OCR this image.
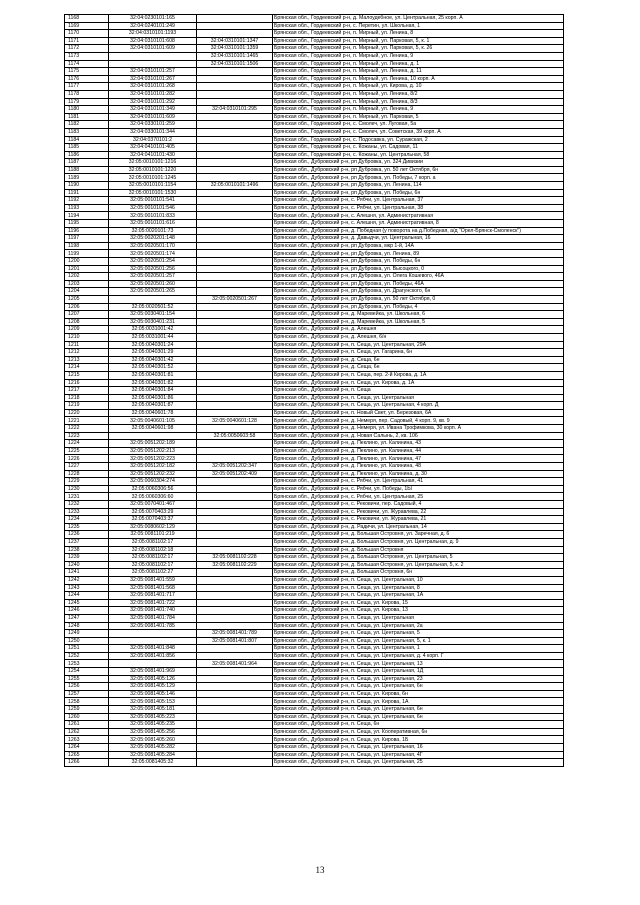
1168	32:04:0230101:165		Брянская обл., Гордеевский р-н, д. Малоудебное, ул. Центральная, 25 корп. А
1169	32:04:0240101:249		Брянская обл., Гордеевский р-н, с. Перетин, ул. Школьная, 1
1170	32:04:0310101:1193		Брянская обл., Гордеевский р-н, п. Мирный, ул. Ленина, 8
1171	32:04:0310101:608	32:04:0310101:1347	Брянская обл., Гордеевский р-н, п. Мирный, ул. Парковая, 5, к. 1
1172	32:04:0310101:609	32:04:0310101:1359	Брянская обл., Гордеевский р-н, п. Мирный, ул. Парковая, 5, к. 26
1173		32:04:0310101:1465	Брянская обл., Гордеевский р-н, п. Мирный, ул. Ленина, 9
1174		32:04:0310101:1506	Брянская обл., Гордеевский р-н, п. Мирный, ул. Ленина, д. 1
1175	32:04:0310101:257		Брянская обл., Гордеевский р-н, п. Мирный, ул. Ленина, д. 11
1176	32:04:0310101:267		Брянская обл., Гордеевский р-н, п. Мирный, ул. Ленина, 10 корп. А
1177	32:04:0310101:268		Брянская обл., Гордеевский р-н, п. Мирный, ул. Кирова, д. 10
1178	32:04:0310101:282		Брянская обл., Гордеевский р-н, п. Мирный, ул. Ленина, 8/2
1179	32:04:0310101:292		Брянская обл., Гордеевский р-н, п. Мирный, ул. Ленина, 8/3
1180	32:04:0310101:349	32:04:0310101:295	Брянская обл., Гордеевский р-н, п. Мирный, ул. Ленина, 9
1181	32:04:0310101:609		Брянская обл., Гордеевский р-н, п. Мирный, ул. Парковая, 5
1182	32:04:0330101:259		Брянская обл., Гордеевский р-н, с. Смолеч, ул. Луговая, 5а
1183	32:04:0330101:344		Брянская обл., Гордеевский р-н, с. Смолеч, ул. Советская, 39 корп. А
1184	32:04:0370101:2		Брянская обл., Гордеевский р-н, с. Подосавка, ул. Суражская, 2
1185	32:04:0410101:405		Брянская обл., Гордеевский р-н, с. Кожаны, ул. Садовая, 11
1186	32:04:0410101:430		Брянская обл., Гордеевский р-н, с. Кожаны, ул. Центральная, 58
1187	32:05:0010101:1216		Брянская обл., Дубровский р-н, рп Дубровка, ул. 324 Дивизии
1188	32:05:0010101:1220		Брянская обл., Дубровский р-н, рп Дубровка, ул. 50 лет Октября, 6н
1189	32:05:0010101:1245		Брянская обл., Дубровский р-н, рп Дубровка, ул. Победы, 7 корп. а
1190	32:05:0010101:1154	32:05:0010101:1496	Брянская обл., Дубровский р-н, рп Дубровка, ул. Ленина, 114
1191	32:05:0010101:1530		Брянская обл., Дубровский р-н, рп Дубровка, ул. Победы, 6н
1192	32:05:0010101:541		Брянская обл., Дубровский р-н, с. Рябчи, ул. Центральная, 37
1193	32:05:0010101:546		Брянская обл., Дубровский р-н, с. Рябчи, ул. Центральная, 38
1194	32:05:0010101:833		Брянская обл., Дубровский р-н, с. Алешня, ул. Административная
1195	32:05:0010101:616		Брянская обл., Дубровский р-н, с. Алешня, ул. Административная, 8
1196	32:05:0020101:73		Брянская обл., Дубровский р-н, д. Победная (у поворота на д.Победная, а/д "Орел-Брянск-Смоленск")
1197	32:05:0020201:148		Брянская обл., Дубровский р-н, д. Давыдчи, ул. Центральная, 16
1198	32:05:0020501:170		Брянская обл., Дубровский р-н, рп Дубровка, мкр 1-й, 14А
1199	32:05:0020501:174		Брянская обл., Дубровский р-н, рп Дубровка, ул. Ленина, 89
1200	32:05:0020501:254		Брянская обл., Дубровский р-н, рп Дубровка, ул. Победы, 6н
1201	32:05:0020501:256		Брянская обл., Дубровский р-н, рп Дубровка, ул. Высоцкого, 0
1202	32:05:0020501:257		Брянская обл., Дубровский р-н, рп Дубровка, ул. Олега Кошевого, 46А
1203	32:05:0020501:260		Брянская обл., Дубровский р-н, рп Дубровка, ул. Победы, 46А
1204	32:05:0020501:265		Брянская обл., Дубровский р-н, рп Дубровка, ул. Драгунского, 6н
1205		32:05:0020501:267	Брянская обл., Дубровский р-н, рп Дубровка, ул. 50 лет Октября, 0
1206	32:05:0020501:52		Брянская обл., Дубровский р-н, рп Дубровка, ул. Победы, 4
1207	32:05:0030401:154		Брянская обл., Дубровский р-н, д. Маревейка, ул. Школьная, 6
1208	32:05:0030401:231		Брянская обл., Дубровский р-н, д. Маревейка, ул. Школьная, 5
1209	32:05:0031001:42		Брянская обл., Дубровский р-н, д. Алешня
1210	32:05:0031001:44		Брянская обл., Дубровский р-н, д. Алешня, 6/н
1211	32:05:0040301:24		Брянская обл., Дубровский р-н, п. Сеща, ул. Центральная, 29А
1212	32:05:0040301:29		Брянская обл., Дубровский р-н, п. Сеща, ул. Гагарина, 6н
1213	32:05:0040301:42		Брянская обл., Дубровский р-н, д. Сеща, 6н
1214	32:05:0040301:52		Брянская обл., Дубровский р-н, д. Сеща, 6н
1215	32:05:0040301:81		Брянская обл., Дубровский р-н, п. Сеща, пер. 2-й Кирова, д. 1А
1216	32:05:0040301:82		Брянская обл., Дубровский р-н, п. Сеща, ул. Кирова, д. 1А
1217	32:05:0040301:84		Брянская обл., Дубровский р-н, п. Сеща
1218	32:05:0040301:86		Брянская обл., Дубровский р-н, п. Сеща, ул. Центральная
1219	32:05:0040301:87		Брянская обл., Дубровский р-н, п. Сеща, ул. Центральная, 4 корп. Д
1220	32:05:0040601:78		Брянская обл., Дубровский р-н, п. Новый Свет, ул. Березовая, 6А
1221	32:05:0040601:105	32:05:0040601:128	Брянская обл., Дубровский р-н, д. Немеря, пер. Садовый, 4 корп. 9, кв. 9
1222	32:05:0040601:98		Брянская обл., Дубровский р-н, д. Немеря, ул. Ивана Трофимкова, 30 корп. А
1223		32:05:0050603:58	Брянская обл., Дубровский р-н, д. Новая Салынь, 2, кв. 106
1224	32:05:0051202:189		Брянская обл., Дубровский р-н, д. Пеклино, ул. Калинина, 43
1225	32:05:0051202:213		Брянская обл., Дубровский р-н, д. Пеклино, ул. Калинина, 44
1226	32:05:0051202:223		Брянская обл., Дубровский р-н, д. Пеклино, ул. Калинина, 47
1227	32:05:0051202:182	32:05:0051202:347	Брянская обл., Дубровский р-н, д. Пеклино, ул. Калинина, 48
1228	32:05:0051202:232	32:05:0051202:409	Брянская обл., Дубровский р-н, д. Пеклино, ул. Калинина, д. 30
1229	32:05:0060304:274		Брянская обл., Дубровский р-н, с. Рябчи, ул. Центральная, 41
1230	32:05:0060306:56		Брянская обл., Дубровский р-н, с. Рябчи, ул. Победы, 1Ы
1231	32:05:0060306:60		Брянская обл., Дубровский р-н, с. Рябчи, ул. Центральная, 25
1232	32:05:0070401:467		Брянская обл., Дубровский р-н, с. Рековичи, пер. Садовый, 4
1233	32:05:0070403:29		Брянская обл., Дубровский р-н, с. Рековичи, ул. Журавлева, 22
1234	32:05:0070403:37		Брянская обл., Дубровский р-н, с. Рековичи, ул. Журавлева, 21
1235	32:05:0080602:129		Брянская обл., Дубровский р-н, д. Радичи, ул. Центральная, 14
1236	32:05:0081101:219		Брянская обл., Дубровский р-н, д. Большая Островня, ул. Заречная, д. 6
1237	32:05:0081102:17		Брянская обл., Дубровский р-н, д. Большая Островня, ул. Центральная, д. 9
1238	32:05:0081102:18		Брянская обл., Дубровский р-н, д. Большая Островня
1239	32:05:0081102:17	32:05:0081102:228	Брянская обл., Дубровский р-н, д. Большая Островня, ул. Центральная, 5
1240	32:05:0081102:17	32:05:0081102:229	Брянская обл., Дубровский р-н, д. Большая Островня, ул. Центральная, 5, к. 2
1241	32:05:0081102:27		Брянская обл., Дубровский р-н, д. Большая Островня, 6н
1242	32:05:0081401:559		Брянская обл., Дубровский р-н, п. Сеща, ул. Центральная, 10
1243	32:05:0081401:568		Брянская обл., Дубровский р-н, п. Сеща, ул. Центральная, 8
1244	32:05:0081401:717		Брянская обл., Дубровский р-н, п. Сеща, ул. Центральная, 1А
1245	32:05:0081401:722		Брянская обл., Дубровский р-н, п. Сеща, ул. Кирова, 15
1246	32:05:0081401:740		Брянская обл., Дубровский р-н, п. Сеща, ул. Кирова, 13
1247	32:05:0081401:784		Брянская обл., Дубровский р-н, п. Сеща, ул. Центральная
1248	32:05:0081401:785		Брянская обл., Дубровский р-н, п. Сеща, ул. Центральная, 2а
1249		32:05:0081401:789	Брянская обл., Дубровский р-н, п. Сеща, ул. Центральная, 5
1250		32:05:0081401:807	Брянская обл., Дубровский р-н, п. Сеща, ул. Центральная, 5, к. 1
1251	32:05:0081401:848		Брянская обл., Дубровский р-н, п. Сеща, ул. Центральная, 1
1252	32:05:0081401:856		Брянская обл., Дубровский р-н, п. Сеща, ул. Центральная, д. 4 корп. Г
1253		32:05:0081401:964	Брянская обл., Дубровский р-н, п. Сеща, ул. Центральная, 13
1254	32:05:0081401:969		Брянская обл., Дубровский р-н, п. Сеща, ул. Центральная, 1Д
1255	32:05:0081405:126		Брянская обл., Дубровский р-н, п. Сеща, ул. Центральная, 23
1256	32:05:0081405:129		Брянская обл., Дубровский р-н, п. Сеща, ул. Центральная, 6н
1257	32:05:0081405:146		Брянская обл., Дубровский р-н, п. Сеща, ул. Кирова, 6н
1258	32:05:0081405:153		Брянская обл., Дубровский р-н, п. Сеща, ул. Кирова, 1А
1259	32:05:0081405:181		Брянская обл., Дубровский р-н, п. Сеща, ул. Центральная, 6н
1260	32:05:0081405:223		Брянская обл., Дубровский р-н, п. Сеща, ул. Центральная, 6н
1261	32:05:0081405:235		Брянская обл., Дубровский р-н, п. Сеща, 6н
1262	32:05:0081405:256		Брянская обл., Дубровский р-н, п. Сеща, ул. Кооперативная, 6н
1263	32:05:0081405:260		Брянская обл., Дубровский р-н, п. Сеща, ул. Кирова, 1Б
1264	32:05:0081405:282		Брянская обл., Дубровский р-н, п. Сеща, ул. Центральная, 16
1265	32:05:0081405:284		Брянская обл., Дубровский р-н, п. Сеща, ул. Центральная, 4Г
1266	32:05:0081405:32		Брянская обл., Дубровский р-н, п. Сеща, ул. Центральная, 25
13
